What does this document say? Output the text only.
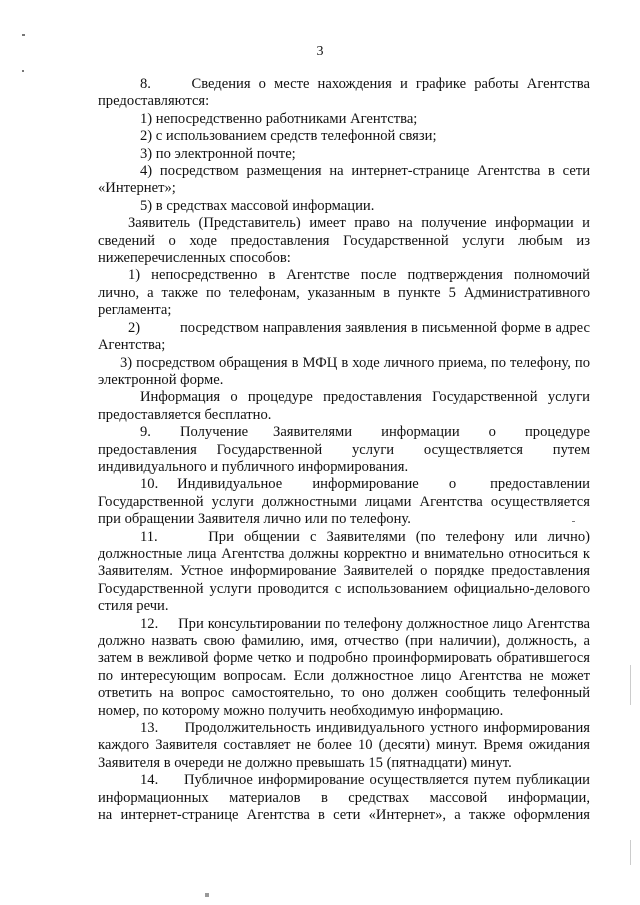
3

8.     Сведения о месте нахождения и графике работы Агентства предоставляются:

1) непосредственно работниками Агентства;

2) с использованием средств телефонной связи;

3) по электронной почте;

4) посредством размещения на интернет-странице Агентства в сети «Интернет»;

5) в средствах массовой информации.

Заявитель (Представитель) имеет право на получение информации и сведений о ходе предоставления Государственной услуги любым из нижеперечисленных способов:

1) непосредственно в Агентстве после подтверждения полномочий лично, а также по телефонам, указанным в пункте 5 Административного регламента;

2)          посредством направления заявления в письменной форме в адрес Агентства;

3) посредством обращения в МФЦ в ходе личного приема, по телефону, по электронной форме.

Информация о процедуре предоставления Государственной услуги предоставляется бесплатно.

9.       Получение      Заявителями       информации       о       процедуре предоставления    Государственной      услуги      осуществляется      путем индивидуального и публичного информирования.

10.     Индивидуальное        информирование        о         предоставлении Государственной услуги должностными лицами Агентства осуществляется при обращении Заявителя лично или по телефону.

11.     При общении с Заявителями (по телефону или лично) должностные лица Агентства должны корректно и внимательно относиться к Заявителям. Устное информирование Заявителей о порядке предоставления Государственной услуги проводится с использованием официально-делового стиля речи.

12.     При консультировании по телефону должностное лицо Агентства должно назвать свою фамилию, имя, отчество (при наличии), должность, а затем в вежливой форме четко и подробно проинформировать обратившегося по интересующим вопросам. Если должностное лицо Агентства не может ответить на вопрос самостоятельно, то оно должен сообщить телефонный номер, по которому можно получить необходимую информацию.

13.     Продолжительность индивидуального устного информирования каждого Заявителя составляет не более 10 (десяти) минут. Время ожидания Заявителя в очереди не должно превышать 15 (пятнадцати) минут.

14.     Публичное информирование осуществляется путем публикации информационных     материалов     в     средствах     массовой     информации, на интернет-странице Агентства в сети «Интернет», а также оформления
